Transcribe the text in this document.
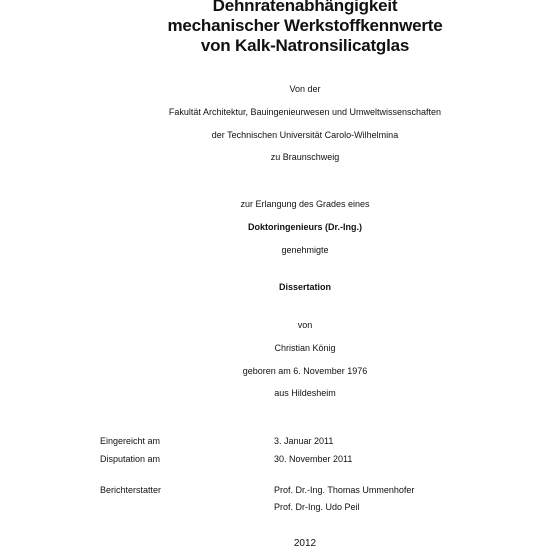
Dehnratenabhängigkeit
mechanischer Werkstoffkennwerte
von Kalk-Natronsilicatglas
Von der
Fakultät Architektur, Bauingenieurwesen und Umweltwissenschaften
der Technischen Universität Carolo-Wilhelmina
zu Braunschweig
zur Erlangung des Grades eines
Doktoringenieurs (Dr.-Ing.)
genehmigte
Dissertation
von
Christian König
geboren am 6. November 1976
aus Hildesheim
Eingereicht am	3. Januar 2011
Disputation am	30. November 2011
Berichterstatter	Prof. Dr.-Ing. Thomas Ummenhofer
Prof. Dr-Ing. Udo Peil
2012
